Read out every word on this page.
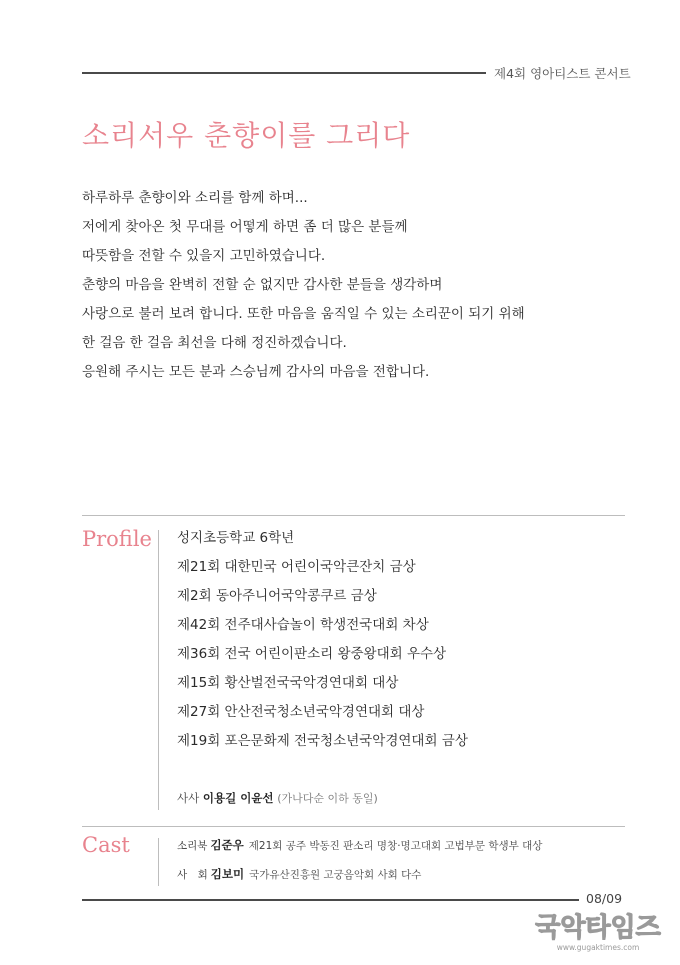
제4회 영아티스트 콘서트
소리서우 춘향이를 그리다
하루하루 춘향이와 소리를 함께 하며...
저에게 찾아온 첫 무대를 어떻게 하면 좀 더 많은 분들께
따뜻함을 전할 수 있을지 고민하였습니다.
춘향의 마음을 완벽히 전할 순 없지만 감사한 분들을 생각하며
사랑으로 불러 보려 합니다. 또한 마음을 움직일 수 있는 소리꾼이 되기 위해
한 걸음 한 걸음 최선을 다해 정진하겠습니다.
응원해 주시는 모든 분과 스승님께 감사의 마음을 전합니다.
Profile 성지초등학교 6학년
제21회 대한민국 어린이국악큰잔치 금상
제2회 동아주니어국악콩쿠르 금상
제42회 전주대사습놀이 학생전국대회 차상
제36회 전국 어린이판소리 왕중왕대회 우수상
제15회 황산벌전국국악경연대회 대상
제27회 안산전국청소년국악경연대회 대상
제19회 포은문화제 전국청소년국악경연대회 금상
사사 이용길 이윤선 (가나다순 이하 동일)
Cast	소리북 김준우 제21회 공주 박동진 판소리 명창·명고대회 고법부문 학생부 대상
사　회 김보미 국가유산진흥원 고궁음악회 사회 다수
08/09
국악타임즈
www.gugaktimes.com
